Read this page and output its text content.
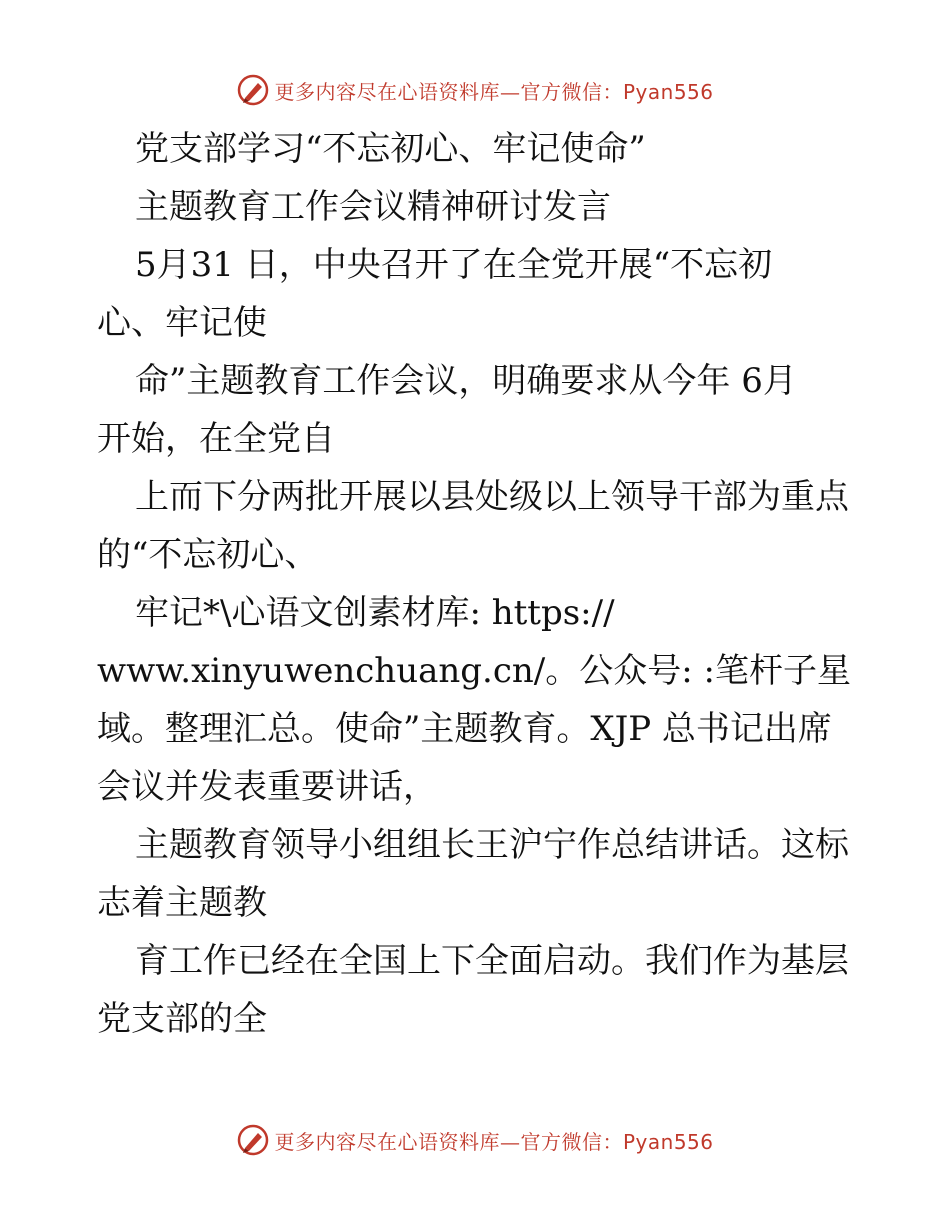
更多内容尽在心语资料库—官方微信：Pyan556
党支部学习“不忘初心、牢记使命”
主题教育工作会议精神研讨发言
5月31 日，中央召开了在全党开展“不忘初
心、牢记使
命”主题教育工作会议，明确要求从今年 6月
开始，在全党自
上而下分两批开展以县处级以上领导干部为重点
的“不忘初心、
牢记*\心语文创素材库: https://
www.xinyuwenchuang.cn/。公众号: :笔杆子星
域。整理汇总。使命”主题教育。XJP 总书记出席
会议并发表重要讲话，
主题教育领导小组组长王沪宁作总结讲话。这标
志着主题教
育工作已经在全国上下全面启动。我们作为基层
党支部的全
更多内容尽在心语资料库—官方微信：Pyan556
